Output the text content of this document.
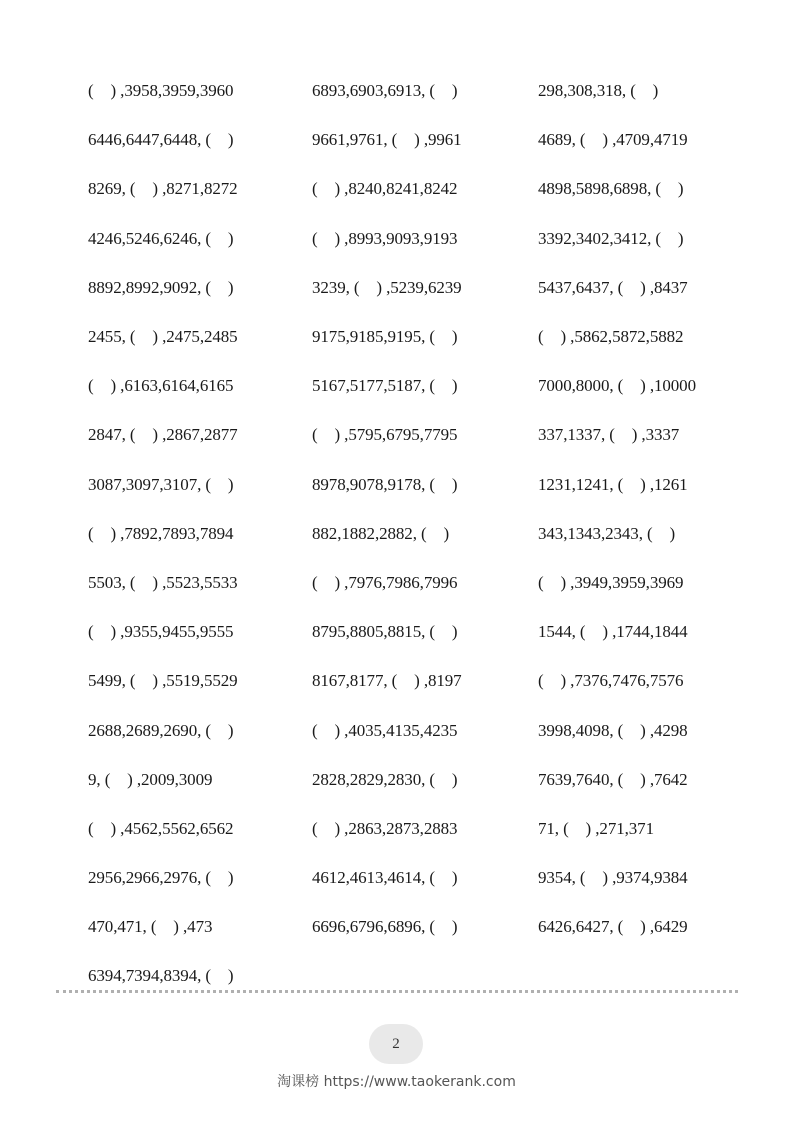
(　) ,3958,3959,3960	6893,6903,6913, (　)	298,308,318, (　)
6446,6447,6448, (　)	9661,9761, (　) ,9961	4689, (　) ,4709,4719
8269, (　) ,8271,8272	(　) ,8240,8241,8242	4898,5898,6898, (　)
4246,5246,6246, (　)	(　) ,8993,9093,9193	3392,3402,3412, (　)
8892,8992,9092, (　)	3239, (　) ,5239,6239	5437,6437, (　) ,8437
2455, (　) ,2475,2485	9175,9185,9195, (　)	(　) ,5862,5872,5882
(　) ,6163,6164,6165	5167,5177,5187, (　)	7000,8000, (　) ,10000
2847, (　) ,2867,2877	(　) ,5795,6795,7795	337,1337, (　) ,3337
3087,3097,3107, (　)	8978,9078,9178, (　)	1231,1241, (　) ,1261
(　) ,7892,7893,7894	882,1882,2882, (　)	343,1343,2343, (　)
5503, (　) ,5523,5533	(　) ,7976,7986,7996	(　) ,3949,3959,3969
(　) ,9355,9455,9555	8795,8805,8815, (　)	1544, (　) ,1744,1844
5499, (　) ,5519,5529	8167,8177, (　) ,8197	(　) ,7376,7476,7576
2688,2689,2690, (　)	(　) ,4035,4135,4235	3998,4098, (　) ,4298
9, (　) ,2009,3009	2828,2829,2830, (　)	7639,7640, (　) ,7642
(　) ,4562,5562,6562	(　) ,2863,2873,2883	71, (　) ,271,371
2956,2966,2976, (　)	4612,4613,4614, (　)	9354, (　) ,9374,9384
470,471, (　) ,473	6696,6796,6896, (　)	6426,6427, (　) ,6429
6394,7394,8394, (　)
2
淘课榜 https://www.taokerank.com
